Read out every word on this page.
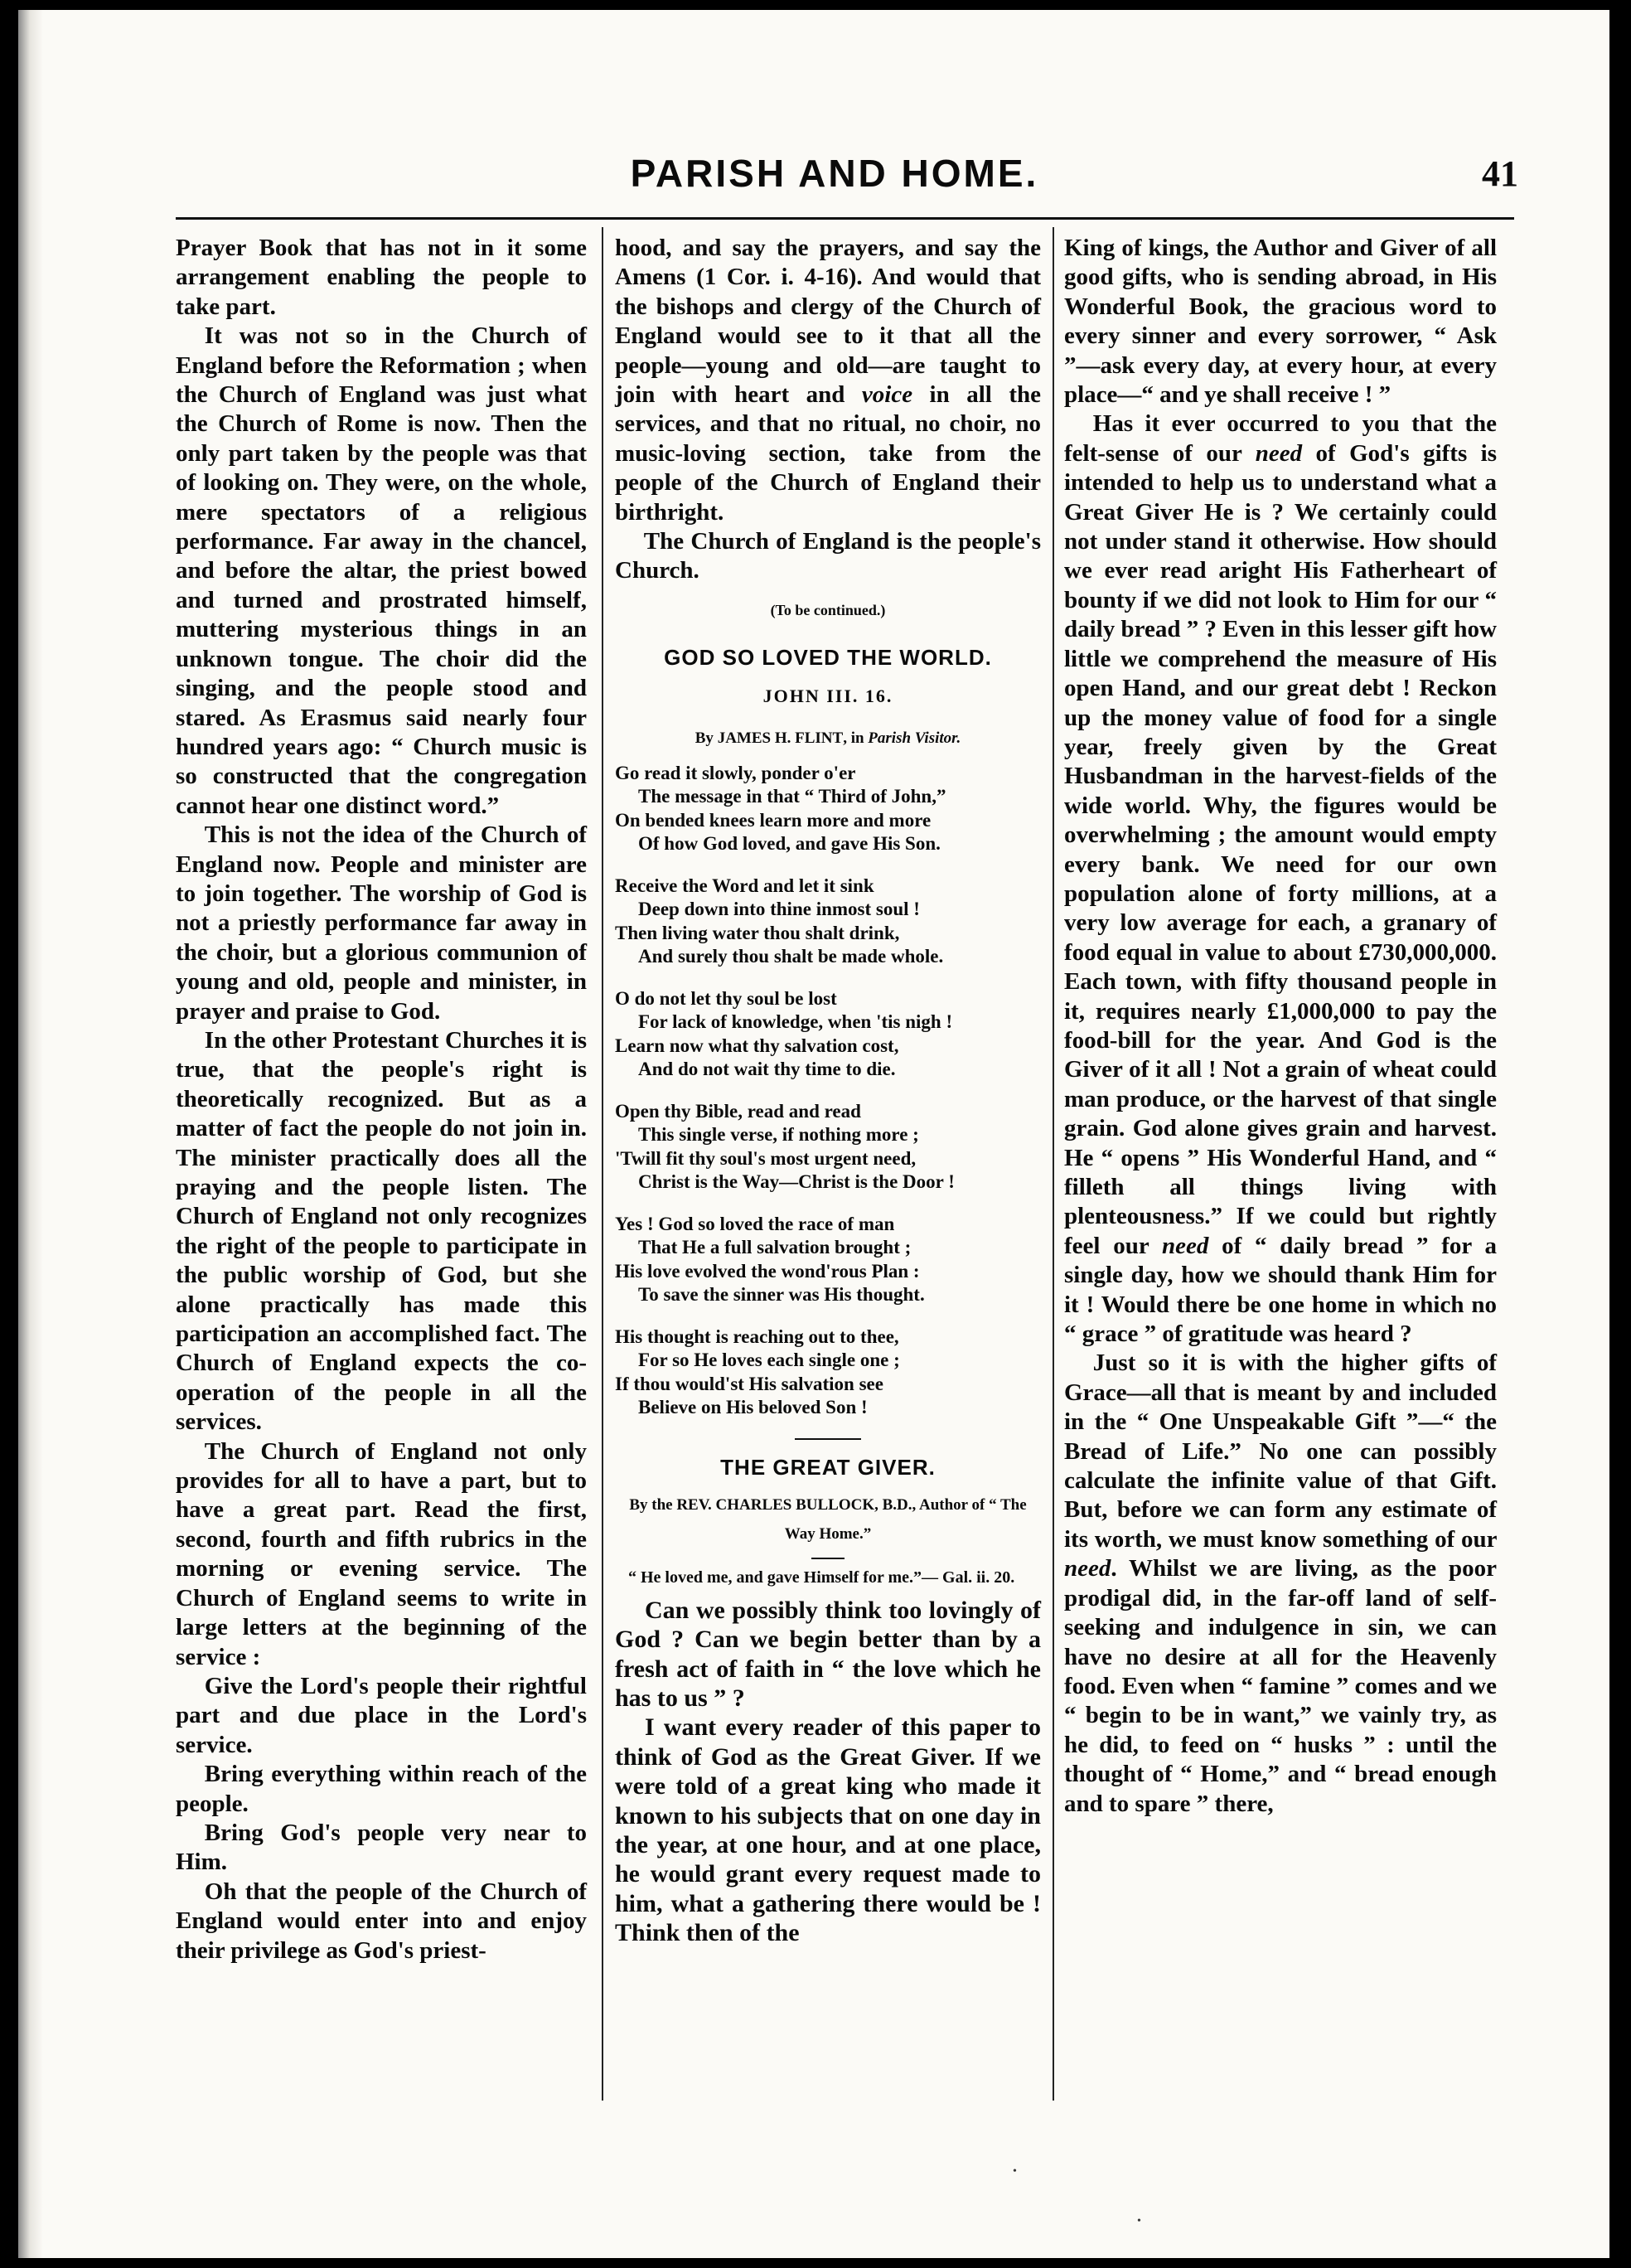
PARISH AND HOME.	41

Prayer Book that has not in it some arrangement enabling the people to take part.

It was not so in the Church of England before the Reformation ; when the Church of England was just what the Church of Rome is now. Then the only part taken by the people was that of looking on. They were, on the whole, mere spectators of a religious performance. Far away in the chancel, and before the altar, the priest bowed and turned and prostrated himself, muttering mysterious things in an unknown tongue. The choir did the singing, and the people stood and stared. As Erasmus said nearly four hundred years ago: “ Church music is so constructed that the congregation cannot hear one distinct word.”

This is not the idea of the Church of England now. People and minister are to join together. The worship of God is not a priestly performance far away in the choir, but a glorious communion of young and old, people and minister, in prayer and praise to God.

In the other Protestant Churches it is true, that the people's right is theoretically recognized. But as a matter of fact the people do not join in. The minister practically does all the praying and the people listen. The Church of England not only recognizes the right of the people to participate in the public worship of God, but she alone practically has made this participation an accomplished fact. The Church of England expects the co-operation of the people in all the services.

The Church of England not only provides for all to have a part, but to have a great part. Read the first, second, fourth and fifth rubrics in the morning or evening service. The Church of England seems to write in large letters at the beginning of the service :

Give the Lord's people their rightful part and due place in the Lord's service.

Bring everything within reach of the people.

Bring God's people very near to Him.

Oh that the people of the Church of England would enter into and enjoy their privilege as God's priest-

hood, and say the prayers, and say the Amens (1 Cor. i. 4-16). And would that the bishops and clergy of the Church of England would see to it that all the people—young and old—are taught to join with heart and voice in all the services, and that no ritual, no choir, no music-loving section, take from the people of the Church of England their birthright.

The Church of England is the people's Church.

(To be continued.)
GOD SO LOVED THE WORLD.
JOHN III. 16.
By JAMES H. FLINT, in Parish Visitor.
Go read it slowly, ponder o'er
The message in that “ Third of John,”
On bended knees learn more and more
Of how God loved, and gave His Son.
Receive the Word and let it sink
Deep down into thine inmost soul !
Then living water thou shalt drink,
And surely thou shalt be made whole.
O do not let thy soul be lost
For lack of knowledge, when 'tis nigh !
Learn now what thy salvation cost,
And do not wait thy time to die.
Open thy Bible, read and read
This single verse, if nothing more ;
'Twill fit thy soul's most urgent need,
Christ is the Way—Christ is the Door !
Yes ! God so loved the race of man
That He a full salvation brought ;
His love evolved the wond'rous Plan :
To save the sinner was His thought.
His thought is reaching out to thee,
For so He loves each single one ;
If thou would'st His salvation see
Believe on His beloved Son !
THE GREAT GIVER.
By the REV. CHARLES BULLOCK, B.D., Author of “ The Way Home.”
“ He loved me, and gave Himself for me.”— Gal. ii. 20.

Can we possibly think too lovingly of God ? Can we begin better than by a fresh act of faith in “ the love which he has to us ” ?

I want every reader of this paper to think of God as the Great Giver. If we were told of a great king who made it known to his subjects that on one day in the year, at one hour, and at one place, he would grant every request made to him, what a gathering there would be ! Think then of the

King of kings, the Author and Giver of all good gifts, who is sending abroad, in His Wonderful Book, the gracious word to every sinner and every sorrower, “ Ask ”—ask every day, at every hour, at every place—“ and ye shall receive ! ”

Has it ever occurred to you that the felt-sense of our need of God's gifts is intended to help us to understand what a Great Giver He is ? We certainly could not under stand it otherwise. How should we ever read aright His Fatherheart of bounty if we did not look to Him for our “ daily bread ” ? Even in this lesser gift how little we comprehend the measure of His open Hand, and our great debt ! Reckon up the money value of food for a single year, freely given by the Great Husbandman in the harvest-fields of the wide world. Why, the figures would be overwhelming ; the amount would empty every bank. We need for our own population alone of forty millions, at a very low average for each, a granary of food equal in value to about £730,000,000. Each town, with fifty thousand people in it, requires nearly £1,000,000 to pay the food-bill for the year. And God is the Giver of it all ! Not a grain of wheat could man produce, or the harvest of that single grain. God alone gives grain and harvest. He “ opens ” His Wonderful Hand, and “ filleth all things living with plenteousness.” If we could but rightly feel our need of “ daily bread ” for a single day, how we should thank Him for it ! Would there be one home in which no “ grace ” of gratitude was heard ?

Just so it is with the higher gifts of Grace—all that is meant by and included in the “ One Unspeakable Gift ”—“ the Bread of Life.” No one can possibly calculate the infinite value of that Gift. But, before we can form any estimate of its worth, we must know something of our need. Whilst we are living, as the poor prodigal did, in the far-off land of self-seeking and indulgence in sin, we can have no desire at all for the Heavenly food. Even when “ famine ” comes and we “ begin to be in want,” we vainly try, as he did, to feed on “ husks ” : until the thought of “ Home,” and “ bread enough and to spare ” there,

•
•
